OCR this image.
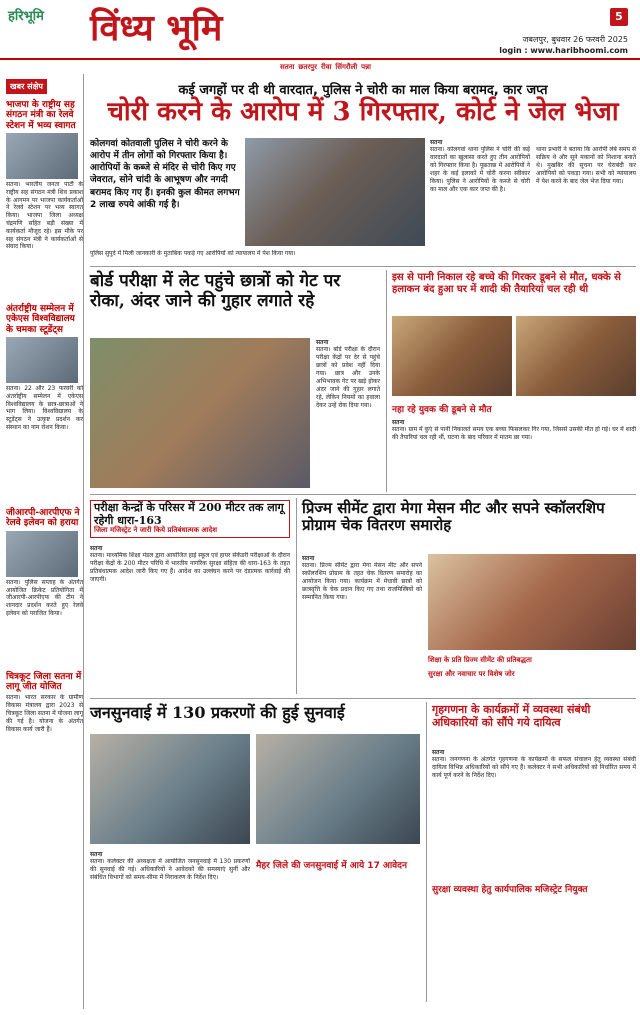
हरिभूमि विंध्य भूमि	5
जबलपुर, बुधवार 26 फरवरी 2025
login : www.haribhoomi.com
सतना छतरपुर रीवा सिंगरौली पन्ना
खबर संक्षेप
भाजपा के राष्ट्रीय सह संगठन मंत्री का रेलवे स्टेशन में भव्य स्वागत
सतना। भारतीय जनता पार्टी के राष्ट्रीय सह संगठन मंत्री शिव प्रकाश के आगमन पर भाजपा कार्यकर्ताओं ने रेलवे स्टेशन पर भव्य स्वागत किया। भाजपा जिला अध्यक्ष चंद्रमणि सहित बड़ी संख्या में कार्यकर्ता मौजूद रहे। इस मौके पर सह संगठन मंत्री ने कार्यकर्ताओं से संवाद किया।
अंतर्राष्ट्रीय सम्मेलन में एकेएस विश्वविद्यालय के चमका स्टूडेंट्स
सतना। 22 और 23 फरवरी को अंतर्राष्ट्रीय सम्मेलन में एकेएस विश्वविद्यालय के छात्र-छात्राओं ने भाग लिया। विश्वविद्यालय के स्टूडेंट्स ने उत्कृष्ट प्रदर्शन कर संस्थान का नाम रोशन किया।
जीआरपी-आरपीएफ ने रेलवे इलेवन को हराया
सतना। पुलिस सप्ताह के अंतर्गत आयोजित क्रिकेट प्रतियोगिता में जीआरपी-आरपीएफ की टीम ने शानदार प्रदर्शन करते हुए रेलवे इलेवन को पराजित किया।
चित्रकूट जिला सतना में लागू जीत योजित
सतना। भारत सरकार के ग्रामीण विकास मंत्रालय द्वारा 2023 से चित्रकूट जिला सतना में योजना लागू की गई है। योजना के अंतर्गत विकास कार्य जारी हैं।
कई जगहों पर दी थी वारदात, पुलिस ने चोरी का माल किया बरामद, कार जप्त
चोरी करने के आरोप में 3 गिरफ्तार, कोर्ट ने जेल भेजा
कोलगवां कोतवाली पुलिस ने चोरी करने के आरोप में तीन लोगों को गिरफ्तार किया है। आरोपियों के कब्जे से मंदिर से चोरी किए गए जेवरात, सोने चांदी के आभूषण और नगदी बरामद किए गए हैं। इनकी कुल कीमत लगभग 2 लाख रुपये आंकी गई है।
पुलिस सुपुर्द में मिली जानकारी के मुताबिक पकड़े गए आरोपियों को न्यायालय में पेश किया गया।
सतना
सतना। कोलगवां थाना पुलिस ने चोरी की कई वारदातों का खुलासा करते हुए तीन आरोपियों को गिरफ्तार किया है। पूछताछ में आरोपियों ने शहर के कई इलाकों में चोरी करना स्वीकार किया। पुलिस ने आरोपियों के कब्जे से चोरी का माल और एक कार जप्त की है।
थाना प्रभारी ने बताया कि आरोपी लंबे समय से सक्रिय थे और सूने मकानों को निशाना बनाते थे। मुखबिर की सूचना पर घेराबंदी कर आरोपियों को पकड़ा गया। सभी को न्यायालय में पेश करने के बाद जेल भेज दिया गया।
बोर्ड परीक्षा में लेट पहुंचे छात्रों को गेट पर रोका, अंदर जाने की गुहार लगाते रहे
सतना
सतना। बोर्ड परीक्षा के दौरान परीक्षा केंद्रों पर देर से पहुंचे छात्रों को प्रवेश नहीं दिया गया। छात्र और उनके अभिभावक गेट पर खड़े होकर अंदर जाने की गुहार लगाते रहे, लेकिन नियमों का हवाला देकर उन्हें रोक दिया गया।
इस से पानी निकाल रहे बच्चे की गिरकर डूबने से मौत, धक्के से हलाकन बंद हुआ घर में शादी की तैयारियां चल रही थी
नहा रहे युवक की डूबने से मौत
सतना
सतना। ग्राम में कुएं से पानी निकालते समय एक बच्चा फिसलकर गिर गया, जिससे उसकी मौत हो गई। घर में शादी की तैयारियां चल रही थीं, घटना के बाद परिवार में मातम छा गया।
परीक्षा केन्द्रों के परिसर में 200 मीटर तक लागू रहेगी धारा-163
जिला मजिस्ट्रेट ने जारी किये प्रतिबंधात्मक आदेश
सतना
सतना। माध्यमिक शिक्षा मंडल द्वारा आयोजित हाई स्कूल एवं हायर सेकेंडरी परीक्षाओं के दौरान परीक्षा केंद्रों के 200 मीटर परिधि में भारतीय नागरिक सुरक्षा संहिता की धारा-163 के तहत प्रतिबंधात्मक आदेश जारी किए गए हैं। आदेश का उल्लंघन करने पर दंडात्मक कार्रवाई की जाएगी।
प्रिज्म सीमेंट द्वारा मेगा मेसन मीट और सपने स्कॉलरशिप प्रोग्राम चेक वितरण समारोह
सतना
सतना। प्रिज्म सीमेंट द्वारा मेगा मेसन मीट और सपने स्कॉलरशिप प्रोग्राम के तहत चेक वितरण समारोह का आयोजन किया गया। कार्यक्रम में मेधावी छात्रों को छात्रवृत्ति के चेक प्रदान किए गए तथा राजमिस्त्रियों को सम्मानित किया गया।
शिक्षा के प्रति प्रिज्म सीमेंट की प्रतिबद्धता
सुरक्षा और नवाचार पर विशेष जोर
जनसुनवाई में 130 प्रकरणों की हुई सुनवाई
सतना
सतना। कलेक्टर की अध्यक्षता में आयोजित जनसुनवाई में 130 प्रकरणों की सुनवाई की गई। अधिकारियों ने आवेदकों की समस्याएं सुनीं और संबंधित विभागों को समय-सीमा में निराकरण के निर्देश दिए।
मैहर जिले की जनसुनवाई में आये 17 आवेदन
गृहगणना के कार्यक्रमों में व्यवस्था संबंधी अधिकारियों को सौंपे गये दायित्व
सतना
सतना। जनगणना के अंतर्गत गृहगणना के कार्यक्रमों के सफल संचालन हेतु व्यवस्था संबंधी दायित्व विभिन्न अधिकारियों को सौंपे गए हैं। कलेक्टर ने सभी अधिकारियों को निर्धारित समय में कार्य पूर्ण करने के निर्देश दिए।
सुरक्षा व्यवस्था हेतु कार्यपालिक मजिस्ट्रेट नियुक्त
